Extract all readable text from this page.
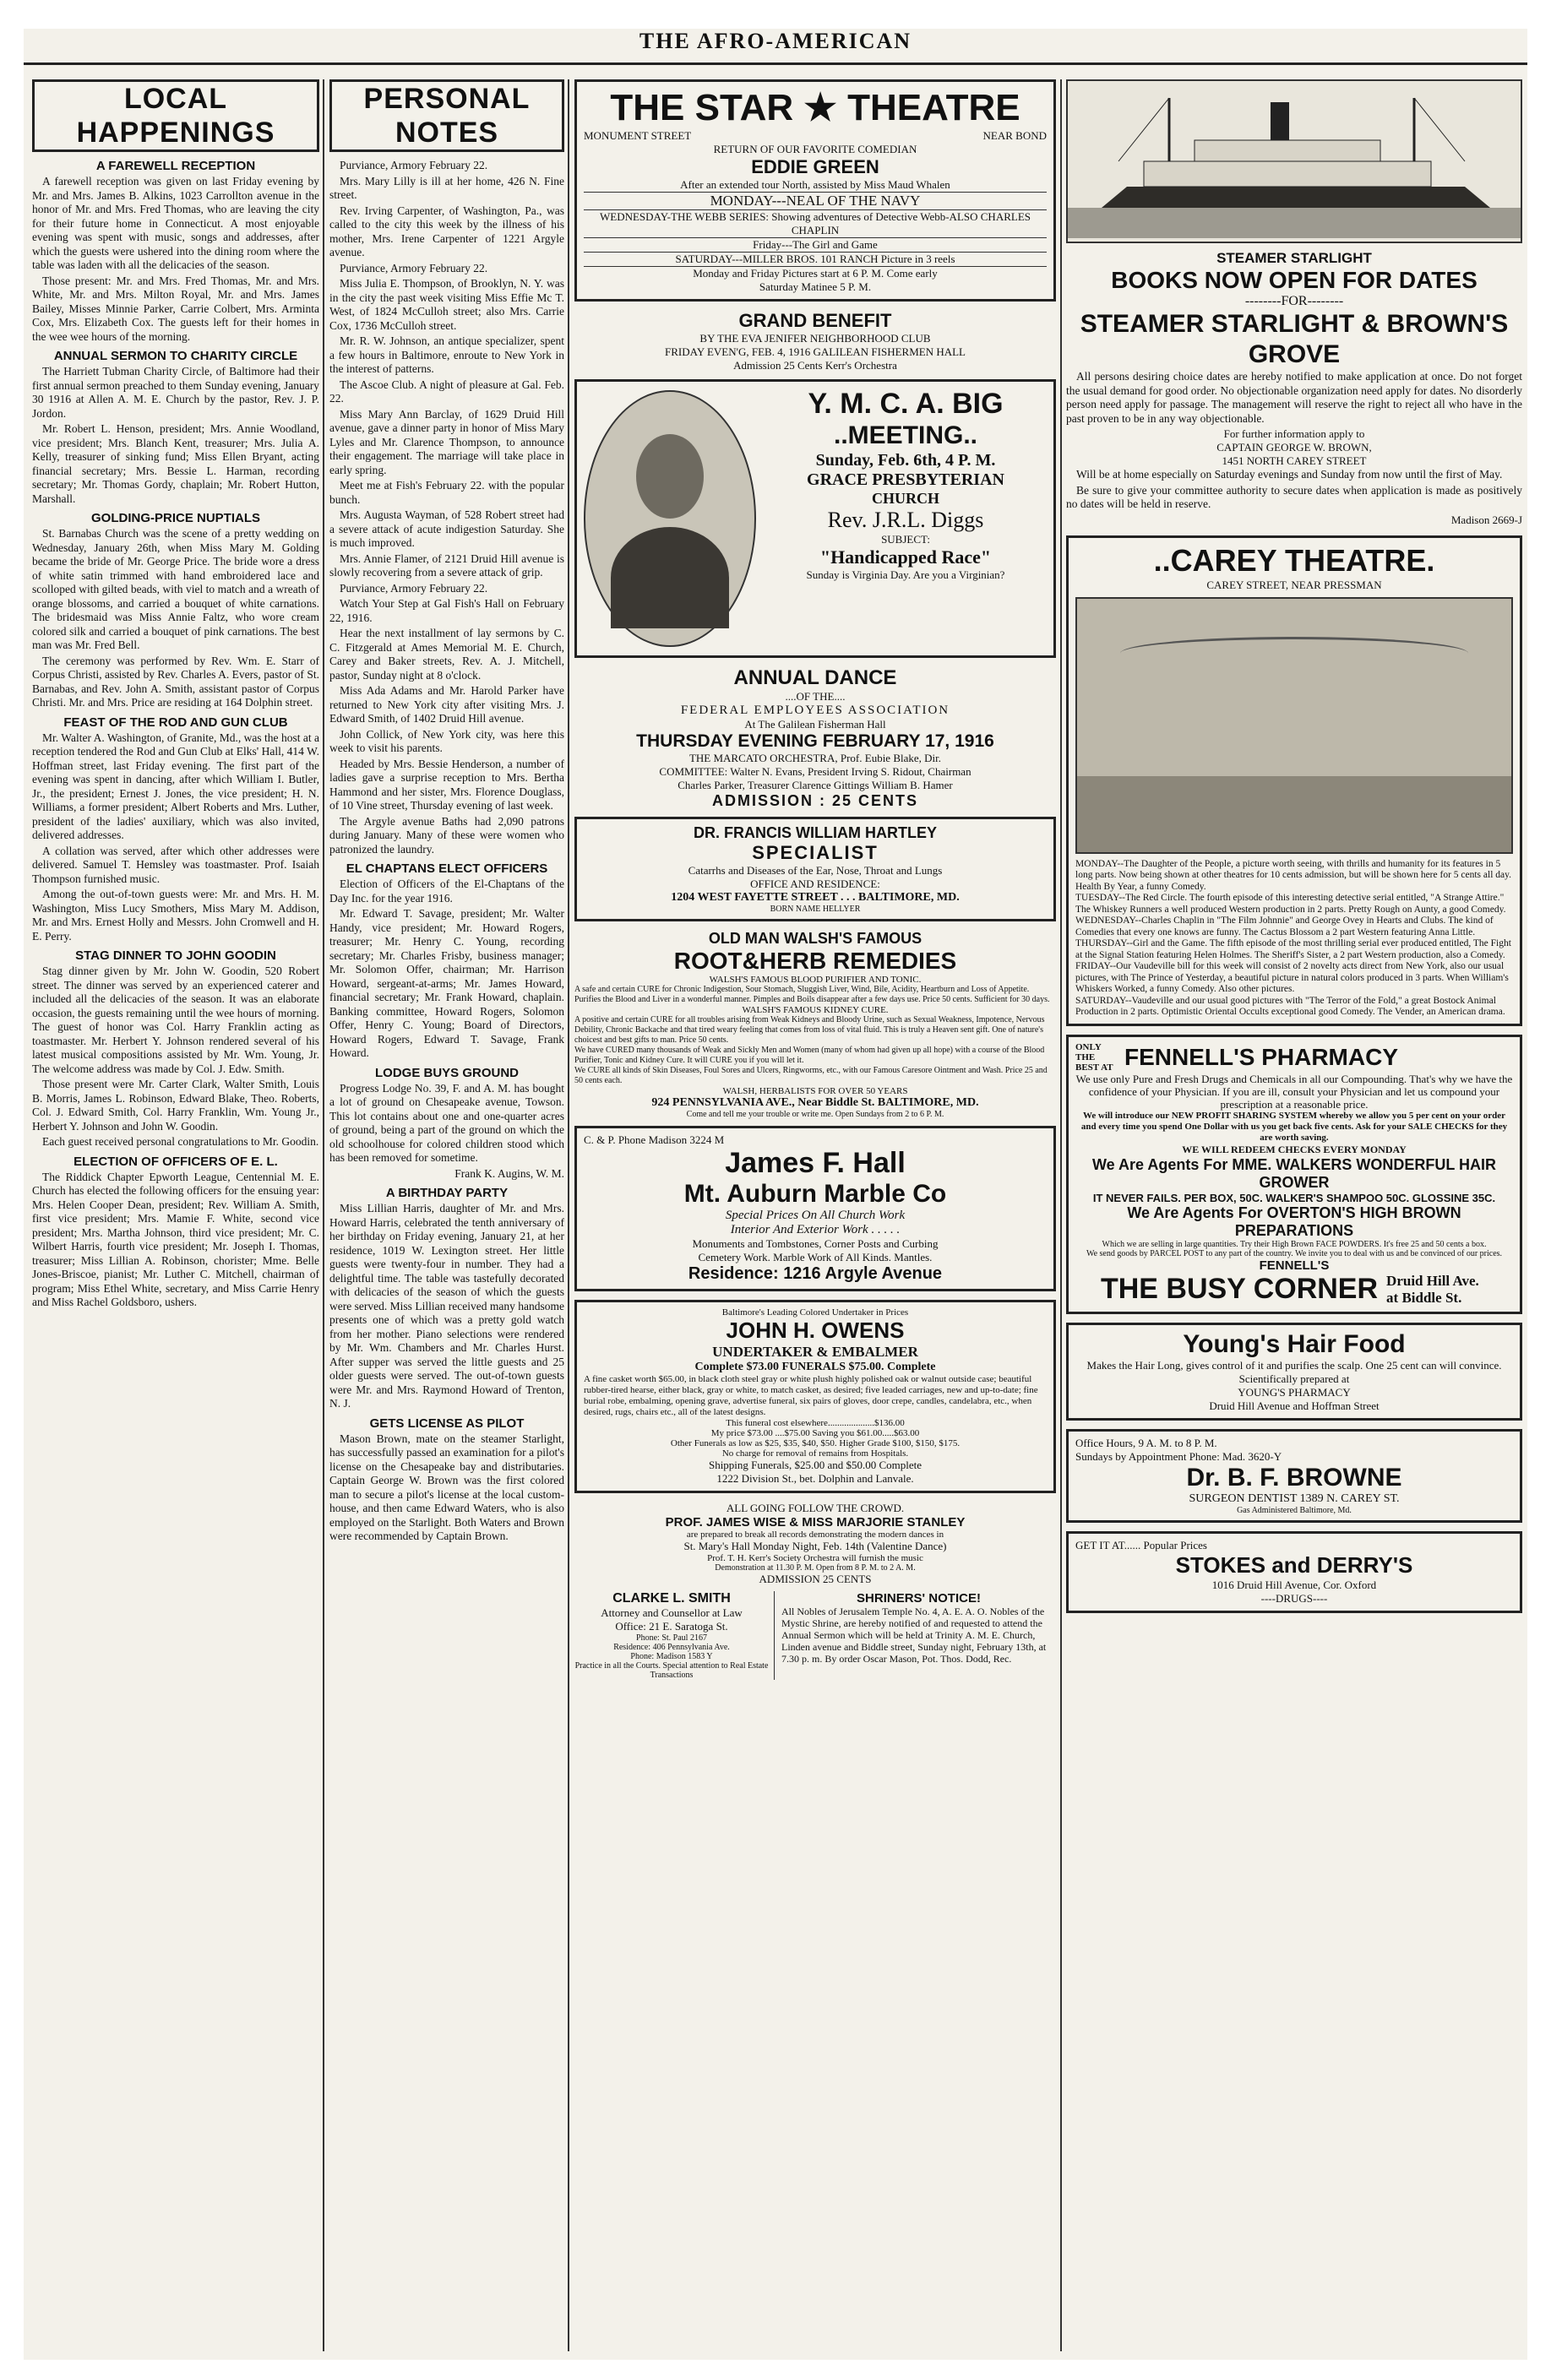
THE AFRO-AMERICAN
LOCAL HAPPENINGS
A FAREWELL RECEPTION

A farewell reception was given on last Friday evening by Mr. and Mrs. James B. Alkins, 1023 Carrollton avenue in the honor of Mr. and Mrs. Fred Thomas, who are leaving the city for their future home in Connecticut. A most enjoyable evening was spent with music, songs and addresses, after which the guests were ushered into the dining room where the table was laden with all the delicacies of the season.

Those present: Mr. and Mrs. Fred Thomas, Mr. and Mrs. White, Mr. and Mrs. Milton Royal, Mr. and Mrs. James Bailey, Misses Minnie Parker, Carrie Colbert, Mrs. Arminta Cox, Mrs. Elizabeth Cox. The guests left for their homes in the wee wee hours of the morning.

ANNUAL SERMON TO CHARITY CIRCLE

The Harriett Tubman Charity Circle, of Baltimore had their first annual sermon preached to them Sunday evening, January 30 1916 at Allen A. M. E. Church by the pastor, Rev. J. P. Jordon.

Mr. Robert L. Henson, president; Mrs. Annie Woodland, vice president; Mrs. Blanch Kent, treasurer; Mrs. Julia A. Kelly, treasurer of sinking fund; Miss Ellen Bryant, acting financial secretary; Mrs. Bessie L. Harman, recording secretary; Mr. Thomas Gordy, chaplain; Mr. Robert Hutton, Marshall.

GOLDING-PRICE NUPTIALS

St. Barnabas Church was the scene of a pretty wedding on Wednesday, January 26th, when Miss Mary M. Golding became the bride of Mr. George Price. The bride wore a dress of white satin trimmed with hand embroidered lace and scolloped with gilted beads, with viel to match and a wreath of orange blossoms, and carried a bouquet of white carnations. The bridesmaid was Miss Annie Faltz, who wore cream colored silk and carried a bouquet of pink carnations. The best man was Mr. Fred Bell.

The ceremony was performed by Rev. Wm. E. Starr of Corpus Christi, assisted by Rev. Charles A. Evers, pastor of St. Barnabas, and Rev. John A. Smith, assistant pastor of Corpus Christi. Mr. and Mrs. Price are residing at 164 Dolphin street.

FEAST OF THE ROD AND GUN CLUB

Mr. Walter A. Washington, of Granite, Md., was the host at a reception tendered the Rod and Gun Club at Elks' Hall, 414 W. Hoffman street, last Friday evening. The first part of the evening was spent in dancing, after which William I. Butler, Jr., the president; Ernest J. Jones, the vice president; H. N. Williams, a former president; Albert Roberts and Mrs. Luther, president of the ladies' auxiliary, which was also invited, delivered addresses.

A collation was served, after which other addresses were delivered. Samuel T. Hemsley was toastmaster. Prof. Isaiah Thompson furnished music.

Among the out-of-town guests were: Mr. and Mrs. H. M. Washington, Miss Lucy Smothers, Miss Mary M. Addison, Mr. and Mrs. Ernest Holly and Messrs. John Cromwell and H. E. Perry.

STAG DINNER TO JOHN GOODIN

Stag dinner given by Mr. John W. Goodin, 520 Robert street. The dinner was served by an experienced caterer and included all the delicacies of the season. It was an elaborate occasion, the guests remaining until the wee hours of morning. The guest of honor was Col. Harry Franklin acting as toastmaster. Mr. Herbert Y. Johnson rendered several of his latest musical compositions assisted by Mr. Wm. Young, Jr. The welcome address was made by Col. J. Edw. Smith.

Those present were Mr. Carter Clark, Walter Smith, Louis B. Morris, James L. Robinson, Edward Blake, Theo. Roberts, Col. J. Edward Smith, Col. Harry Franklin, Wm. Young Jr., Herbert Y. Johnson and John W. Goodin.

Each guest received personal congratulations to Mr. Goodin.

ELECTION OF OFFICERS OF E. L.

The Riddick Chapter Epworth League, Centennial M. E. Church has elected the following officers for the ensuing year: Mrs. Helen Cooper Dean, president; Rev. William A. Smith, first vice president; Mrs. Mamie F. White, second vice president; Mrs. Martha Johnson, third vice president; Mr. C. Wilbert Harris, fourth vice president; Mr. Joseph I. Thomas, treasurer; Miss Lillian A. Robinson, chorister; Mme. Belle Jones-Briscoe, pianist; Mr. Luther C. Mitchell, chairman of program; Miss Ethel White, secretary, and Miss Carrie Henry and Miss Rachel Goldsboro, ushers.

PERSONAL NOTES

Purviance, Armory February 22.

Mrs. Mary Lilly is ill at her home, 426 N. Fine street.

Rev. Irving Carpenter, of Washington, Pa., was called to the city this week by the illness of his mother, Mrs. Irene Carpenter of 1221 Argyle avenue.

Purviance, Armory February 22.

Miss Julia E. Thompson, of Brooklyn, N. Y. was in the city the past week visiting Miss Effie Mc T. West, of 1824 McCulloh street; also Mrs. Carrie Cox, 1736 McCulloh street.

Mr. R. W. Johnson, an antique specializer, spent a few hours in Baltimore, enroute to New York in the interest of patterns.

The Ascoe Club. A night of pleasure at Gal. Feb. 22.

Miss Mary Ann Barclay, of 1629 Druid Hill avenue, gave a dinner party in honor of Miss Mary Lyles and Mr. Clarence Thompson, to announce their engagement. The marriage will take place in early spring.

Meet me at Fish's February 22. with the popular bunch.

Mrs. Augusta Wayman, of 528 Robert street had a severe attack of acute indigestion Saturday. She is much improved.

Mrs. Annie Flamer, of 2121 Druid Hill avenue is slowly recovering from a severe attack of grip.

Purviance, Armory February 22.

Watch Your Step at Gal Fish's Hall on February 22, 1916.

Hear the next installment of lay sermons by C. C. Fitzgerald at Ames Memorial M. E. Church, Carey and Baker streets, Rev. A. J. Mitchell, pastor, Sunday night at 8 o'clock.

Miss Ada Adams and Mr. Harold Parker have returned to New York city after visiting Mrs. J. Edward Smith, of 1402 Druid Hill avenue.

John Collick, of New York city, was here this week to visit his parents.

Headed by Mrs. Bessie Henderson, a number of ladies gave a surprise reception to Mrs. Bertha Hammond and her sister, Mrs. Florence Douglass, of 10 Vine street, Thursday evening of last week.

The Argyle avenue Baths had 2,090 patrons during January. Many of these were women who patronized the laundry.

EL CHAPTANS ELECT OFFICERS

Election of Officers of the El-Chaptans of the Day Inc. for the year 1916.

Mr. Edward T. Savage, president; Mr. Walter Handy, vice president; Mr. Howard Rogers, treasurer; Mr. Henry C. Young, recording secretary; Mr. Charles Frisby, business manager; Mr. Solomon Offer, chairman; Mr. Harrison Howard, sergeant-at-arms; Mr. James Howard, financial secretary; Mr. Frank Howard, chaplain. Banking committee, Howard Rogers, Solomon Offer, Henry C. Young; Board of Directors, Howard Rogers, Edward T. Savage, Frank Howard.

LODGE BUYS GROUND

Progress Lodge No. 39, F. and A. M. has bought a lot of ground on Chesapeake avenue, Towson. This lot contains about one and one-quarter acres of ground, being a part of the ground on which the old schoolhouse for colored children stood which has been removed for sometime.

Frank K. Augins, W. M.

A BIRTHDAY PARTY

Miss Lillian Harris, daughter of Mr. and Mrs. Howard Harris, celebrated the tenth anniversary of her birthday on Friday evening, January 21, at her residence, 1019 W. Lexington street. Her little guests were twenty-four in number. They had a delightful time. The table was tastefully decorated with delicacies of the season of which the guests were served. Miss Lillian received many handsome presents one of which was a pretty gold watch from her mother. Piano selections were rendered by Mr. Wm. Chambers and Mr. Charles Hurst. After supper was served the little guests and 25 older guests were served. The out-of-town guests were Mr. and Mrs. Raymond Howard of Trenton, N. J.

GETS LICENSE AS PILOT

Mason Brown, mate on the steamer Starlight, has successfully passed an examination for a pilot's license on the Chesapeake bay and distributaries. Captain George W. Brown was the first colored man to secure a pilot's license at the local custom-house, and then came Edward Waters, who is also employed on the Starlight. Both Waters and Brown were recommended by Captain Brown.

THE STAR ★ THEATRE
MONUMENT STREET	NEAR BOND
RETURN OF OUR FAVORITE COMEDIAN
EDDIE GREEN
After an extended tour North, assisted by Miss Maud Whalen
MONDAY---NEAL OF THE NAVY
WEDNESDAY-THE WEBB SERIES: Showing adventures of Detective Webb-ALSO CHARLES CHAPLIN
Friday---The Girl and Game
SATURDAY---MILLER BROS. 101 RANCH Picture in 3 reels
Monday and Friday Pictures start at 6 P. M. Come early
Saturday Matinee 5 P. M.
GRAND BENEFIT
BY THE EVA JENIFER NEIGHBORHOOD CLUB
FRIDAY EVEN'G, FEB. 4, 1916 GALILEAN FISHERMEN HALL
Admission 25 Cents Kerr's Orchestra
Y. M. C. A. BIG
..MEETING..
Sunday, Feb. 6th, 4 P. M.
GRACE PRESBYTERIAN
CHURCH
Rev. J.R.L. Diggs
SUBJECT:
"Handicapped Race"
Sunday is Virginia Day. Are you a Virginian?
ANNUAL DANCE
....OF THE....
FEDERAL EMPLOYEES ASSOCIATION
At The Galilean Fisherman Hall
THURSDAY EVENING FEBRUARY 17, 1916
THE MARCATO ORCHESTRA, Prof. Eubie Blake, Dir.
COMMITTEE: Walter N. Evans, President Irving S. Ridout, Chairman
Charles Parker, Treasurer Clarence Gittings William B. Hamer
ADMISSION : 25 CENTS
DR. FRANCIS WILLIAM HARTLEY
SPECIALIST
Catarrhs and Diseases of the Ear, Nose, Throat and Lungs
OFFICE AND RESIDENCE:
1204 WEST FAYETTE STREET . . . BALTIMORE, MD.
BORN NAME HELLYER
OLD MAN WALSH'S FAMOUS
ROOT&HERB REMEDIES
WALSH'S FAMOUS BLOOD PURIFIER AND TONIC.
A safe and certain CURE for Chronic Indigestion, Sour Stomach, Sluggish Liver, Wind, Bile, Acidity, Heartburn and Loss of Appetite. Purifies the Blood and Liver in a wonderful manner. Pimples and Boils disappear after a few days use. Price 50 cents. Sufficient for 30 days.
WALSH'S FAMOUS KIDNEY CURE.
A positive and certain CURE for all troubles arising from Weak Kidneys and Bloody Urine, such as Sexual Weakness, Impotence, Nervous Debility, Chronic Backache and that tired weary feeling that comes from loss of vital fluid. This is truly a Heaven sent gift. One of nature's choicest and best gifts to man. Price 50 cents.
We have CURED many thousands of Weak and Sickly Men and Women (many of whom had given up all hope) with a course of the Blood Purifier, Tonic and Kidney Cure. It will CURE you if you will let it.
We CURE all kinds of Skin Diseases, Foul Sores and Ulcers, Ringworms, etc., with our Famous Caresore Ointment and Wash. Price 25 and 50 cents each.
WALSH, HERBALISTS FOR OVER 50 YEARS
924 PENNSYLVANIA AVE., Near Biddle St. BALTIMORE, MD.
Come and tell me your trouble or write me. Open Sundays from 2 to 6 P. M.
C. & P. Phone Madison 3224 M
James F. Hall
Mt. Auburn Marble Co
Special Prices On All Church Work
Interior And Exterior Work . . . . .
Monuments and Tombstones, Corner Posts and Curbing
Cemetery Work. Marble Work of All Kinds. Mantles.
Residence: 1216 Argyle Avenue
Baltimore's Leading Colored Undertaker in Prices
JOHN H. OWENS
UNDERTAKER & EMBALMER
Complete $73.00 FUNERALS $75.00. Complete
A fine casket worth $65.00, in black cloth steel gray or white plush highly polished oak or walnut outside case; beautiful rubber-tired hearse, either black, gray or white, to match casket, as desired; five leaded carriages, new and up-to-date; fine burial robe, embalming, opening grave, advertise funeral, six pairs of gloves, door crepe, candles, candelabra, etc., when desired, rugs, chairs etc., all of the latest designs.
This funeral cost elsewhere....................$136.00
My price $73.00 ....$75.00 Saving you $61.00.....$63.00
Other Funerals as low as $25, $35, $40, $50. Higher Grade $100, $150, $175.
No charge for removal of remains from Hospitals.
Shipping Funerals, $25.00 and $50.00 Complete
1222 Division St., bet. Dolphin and Lanvale.
ALL GOING FOLLOW THE CROWD.
PROF. JAMES WISE & MISS MARJORIE STANLEY
are prepared to break all records demonstrating the modern dances in
St. Mary's Hall Monday Night, Feb. 14th (Valentine Dance)
Prof. T. H. Kerr's Society Orchestra will furnish the music
Demonstration at 11.30 P. M. Open from 8 P. M. to 2 A. M.
ADMISSION 25 CENTS
CLARKE L. SMITH
Attorney and Counsellor at Law
Office: 21 E. Saratoga St.
Phone: St. Paul 2167
Residence: 406 Pennsylvania Ave.
Phone: Madison 1583 Y
Practice in all the Courts. Special attention to Real Estate Transactions
SHRINERS' NOTICE!
All Nobles of Jerusalem Temple No. 4, A. E. A. O. Nobles of the Mystic Shrine, are hereby notified of and requested to attend the Annual Sermon which will be held at Trinity A. M. E. Church, Linden avenue and Biddle street, Sunday night, February 13th, at 7.30 p. m. By order Oscar Mason, Pot. Thos. Dodd, Rec.
STEAMER STARLIGHT
BOOKS NOW OPEN FOR DATES
--------FOR--------
STEAMER STARLIGHT & BROWN'S GROVE

All persons desiring choice dates are hereby notified to make application at once. Do not forget the usual demand for good order. No objectionable organization need apply for dates. No disorderly person need apply for passage. The management will reserve the right to reject all who have in the past proven to be in any way objectionable.

For further information apply to
CAPTAIN GEORGE W. BROWN,
1451 NORTH CAREY STREET

Will be at home especially on Saturday evenings and Sunday from now until the first of May.

Be sure to give your committee authority to secure dates when application is made as positively no dates will be held in reserve.

Madison 2669-J
..CAREY THEATRE.
CAREY STREET, NEAR PRESSMAN
MONDAY--The Daughter of the People, a picture worth seeing, with thrills and humanity for its features in 5 long parts. Now being shown at other theatres for 10 cents admission, but will be shown here for 5 cents all day. Health By Year, a funny Comedy.
TUESDAY--The Red Circle. The fourth episode of this interesting detective serial entitled, "A Strange Attire." The Whiskey Runners a well produced Western production in 2 parts. Pretty Rough on Aunty, a good Comedy.
WEDNESDAY--Charles Chaplin in "The Film Johnnie" and George Ovey in Hearts and Clubs. The kind of Comedies that every one knows are funny. The Cactus Blossom a 2 part Western featuring Anna Little.
THURSDAY--Girl and the Game. The fifth episode of the most thrilling serial ever produced entitled, The Fight at the Signal Station featuring Helen Holmes. The Sheriff's Sister, a 2 part Western production, also a Comedy.
FRIDAY--Our Vaudeville bill for this week will consist of 2 novelty acts direct from New York, also our usual pictures, with The Prince of Yesterday, a beautiful picture in natural colors produced in 3 parts. When William's Whiskers Worked, a funny Comedy. Also other pictures.
SATURDAY--Vaudeville and our usual good pictures with "The Terror of the Fold," a great Bostock Animal Production in 2 parts. Optimistic Oriental Occults exceptional good Comedy. The Vender, an American drama.
ONLY THE BEST AT FENNELL'S PHARMACY
We use only Pure and Fresh Drugs and Chemicals in all our Compounding. That's why we have the confidence of your Physician. If you are ill, consult your Physician and let us compound your prescription at a reasonable price.
We will introduce our NEW PROFIT SHARING SYSTEM whereby we allow you 5 per cent on your order and every time you spend One Dollar with us you get back five cents. Ask for your SALE CHECKS for they are worth saving.
WE WILL REDEEM CHECKS EVERY MONDAY
We Are Agents For MME. WALKERS WONDERFUL HAIR GROWER
IT NEVER FAILS. PER BOX, 50C. WALKER'S SHAMPOO 50C. GLOSSINE 35C.
We Are Agents For OVERTON'S HIGH BROWN PREPARATIONS
Which we are selling in large quantities. Try their High Brown FACE POWDERS. It's free 25 and 50 cents a box.
We send goods by PARCEL POST to any part of the country. We invite you to deal with us and be convinced of our prices.
FENNELL'S
THE BUSY CORNER Druid Hill Ave. at Biddle St.
Young's Hair Food
Makes the Hair Long, gives control of it and purifies the scalp. One 25 cent can will convince.
Scientifically prepared at
YOUNG'S PHARMACY
Druid Hill Avenue and Hoffman Street
Office Hours, 9 A. M. to 8 P. M.
Sundays by Appointment Phone: Mad. 3620-Y
Dr. B. F. BROWNE
SURGEON DENTIST 1389 N. CAREY ST.
Gas Administered Baltimore, Md.
GET IT AT...... Popular Prices
STOKES and DERRY'S
1016 Druid Hill Avenue, Cor. Oxford
----DRUGS----
